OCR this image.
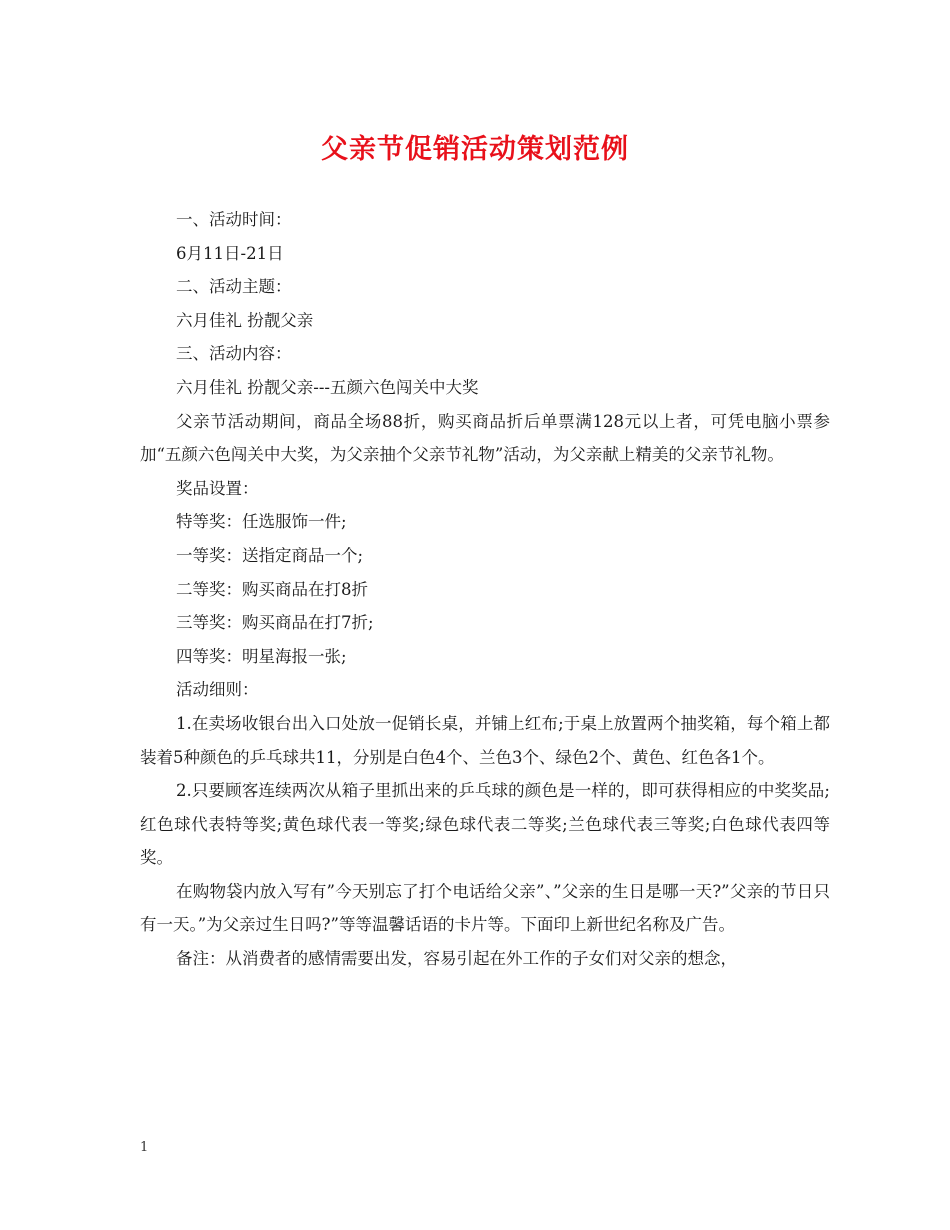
父亲节促销活动策划范例

一、活动时间：

6月11日-21日

二、活动主题：

六月佳礼 扮靓父亲

三、活动内容：

六月佳礼 扮靓父亲---五颜六色闯关中大奖

父亲节活动期间，商品全场88折，购买商品折后单票满128元以上者，可凭电脑小票参加“五颜六色闯关中大奖，为父亲抽个父亲节礼物”活动，为父亲献上精美的父亲节礼物。

奖品设置：

特等奖：任选服饰一件;

一等奖：送指定商品一个;

二等奖：购买商品在打8折

三等奖：购买商品在打7折;

四等奖：明星海报一张;

活动细则：

1.在卖场收银台出入口处放一促销长桌，并铺上红布;于桌上放置两个抽奖箱，每个箱上都装着5种颜色的乒乓球共11，分别是白色4个、兰色3个、绿色2个、黄色、红色各1个。

2.只要顾客连续两次从箱子里抓出来的乒乓球的颜色是一样的，即可获得相应的中奖奖品;红色球代表特等奖;黄色球代表一等奖;绿色球代表二等奖;兰色球代表三等奖;白色球代表四等奖。

在购物袋内放入写有”今天别忘了打个电话给父亲”、”父亲的生日是哪一天?”父亲的节日只有一天。”为父亲过生日吗?”等等温馨话语的卡片等。下面印上新世纪名称及广告。

备注：从消费者的感情需要出发，容易引起在外工作的子女们对父亲的想念，

1
